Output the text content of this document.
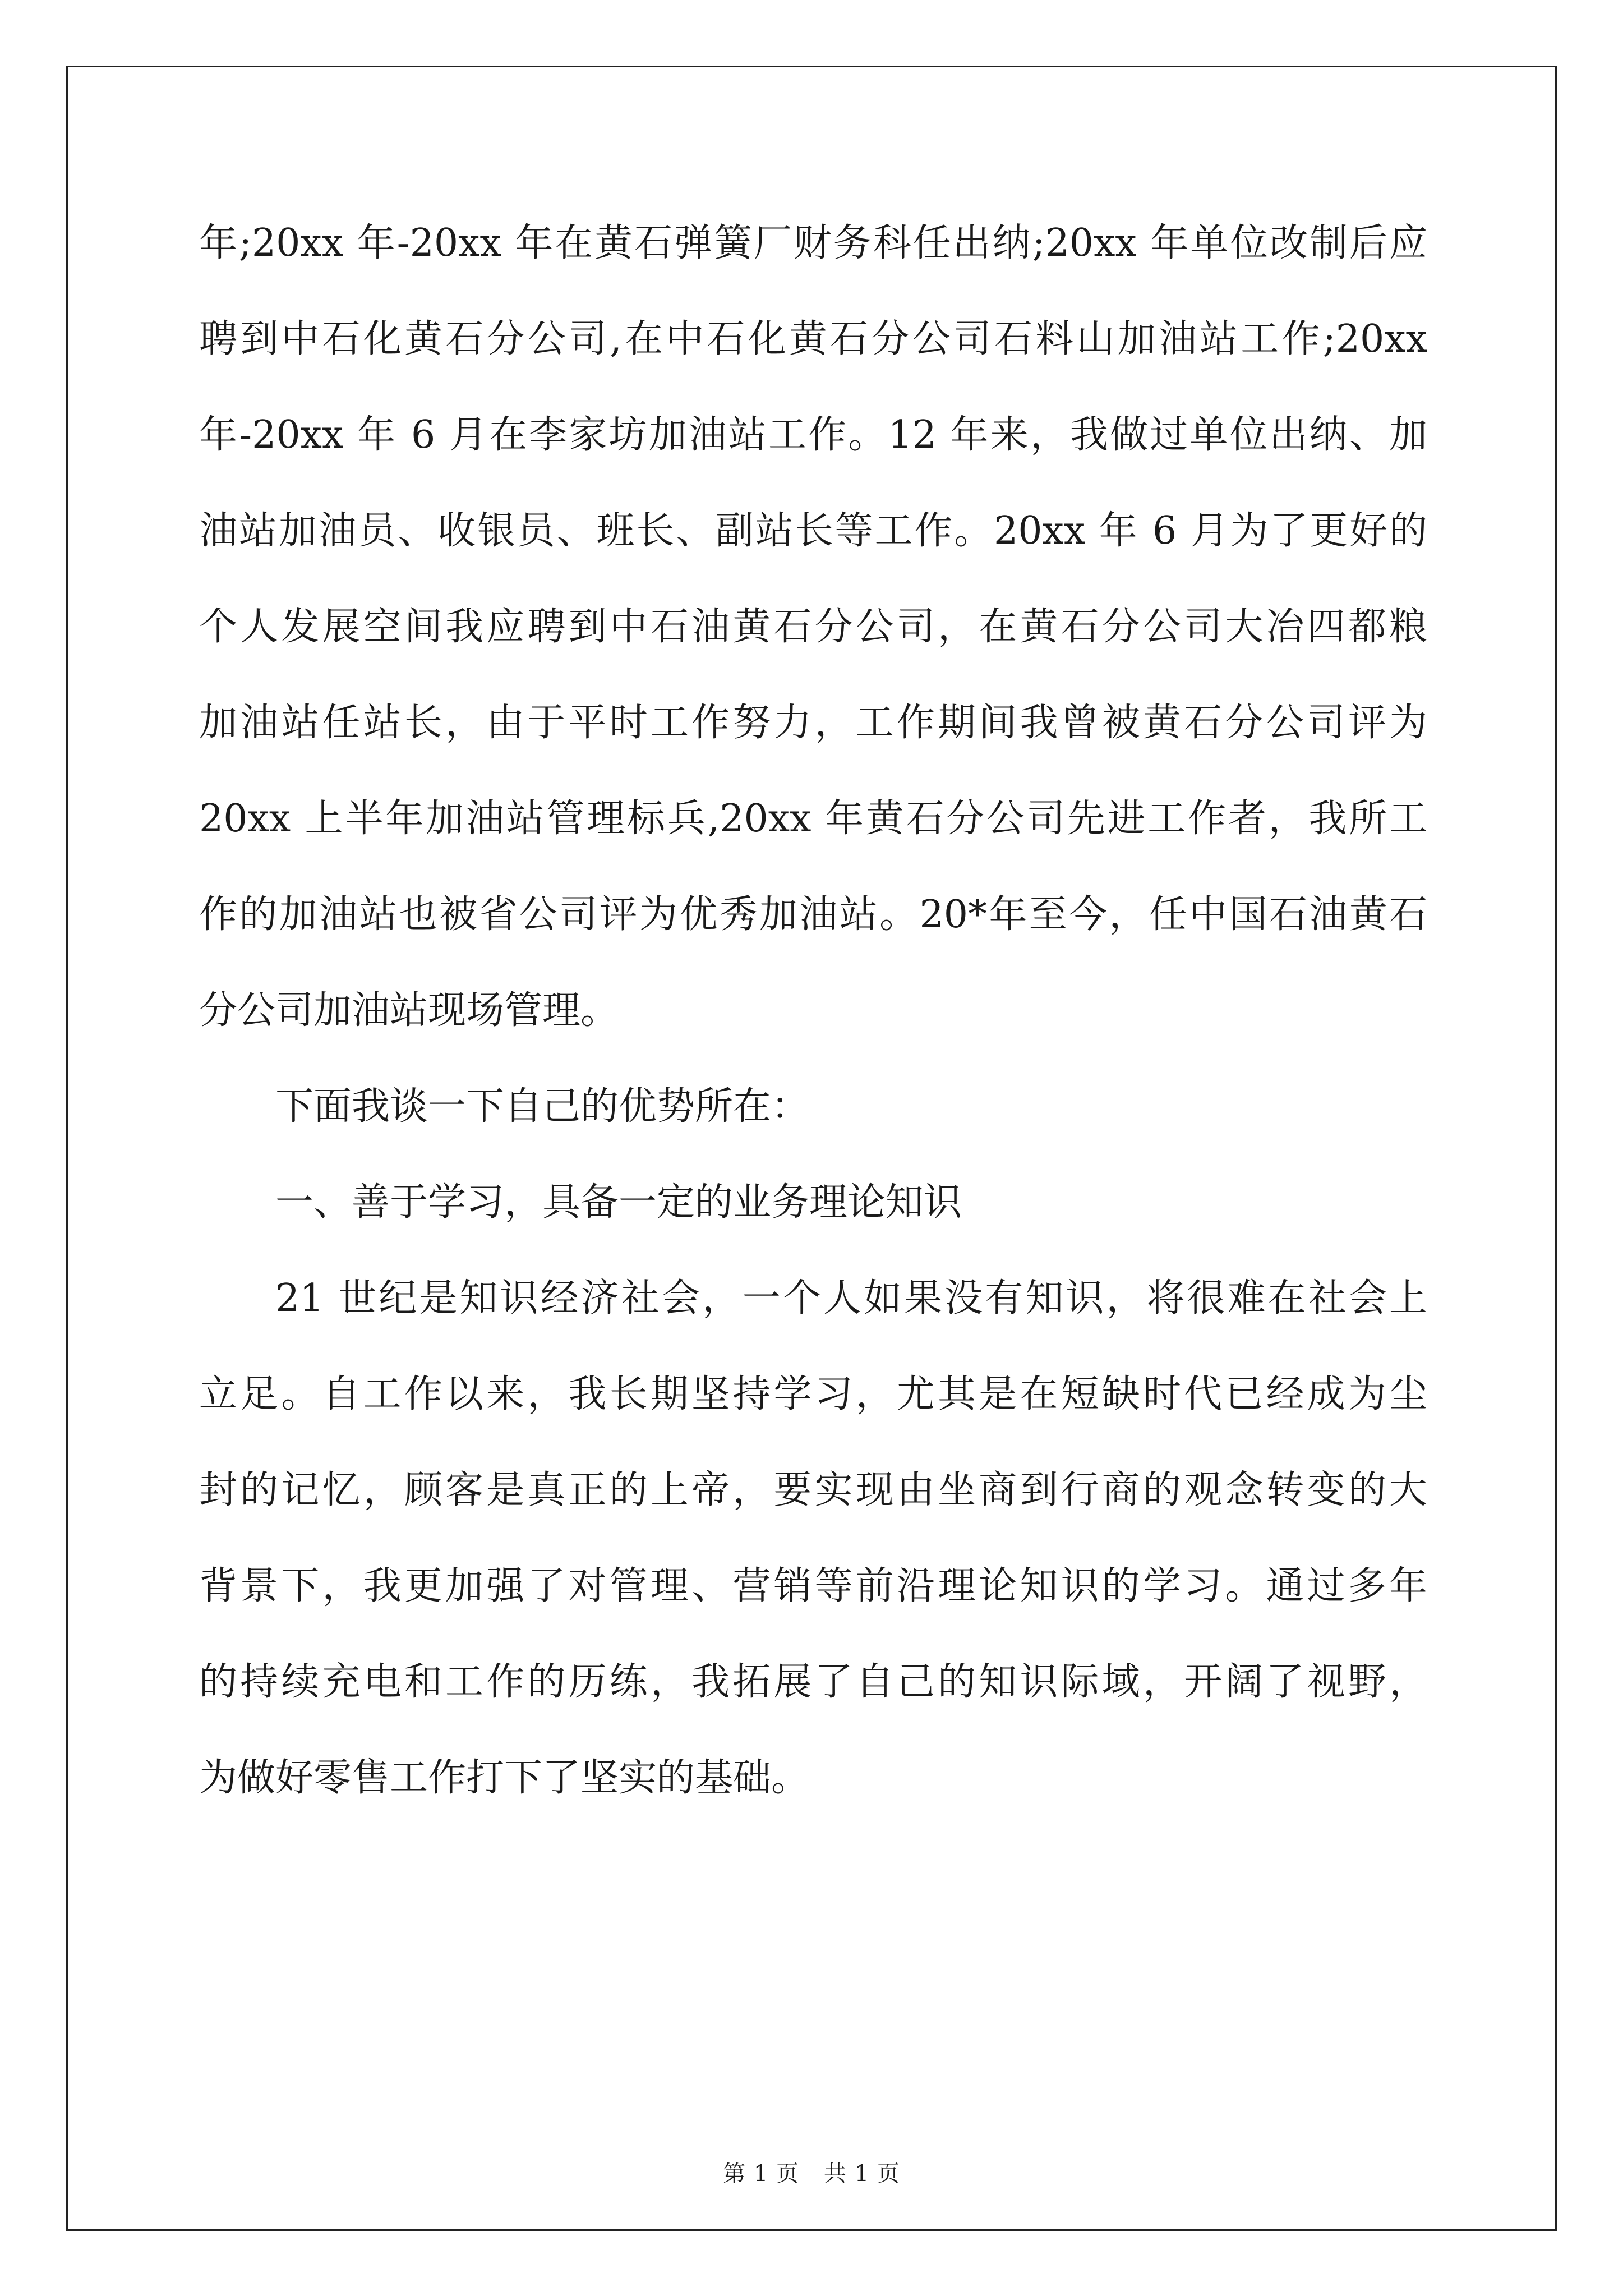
年;20xx 年-20xx 年在黄石弹簧厂财务科任出纳;20xx 年单位改制后应
聘到中石化黄石分公司,在中石化黄石分公司石料山加油站工作;20xx
年-20xx 年 6 月在李家坊加油站工作。12 年来，我做过单位出纳、加
油站加油员、收银员、班长、副站长等工作。20xx 年 6 月为了更好的
个人发展空间我应聘到中石油黄石分公司，在黄石分公司大冶四都粮
加油站任站长，由于平时工作努力，工作期间我曾被黄石分公司评为
20xx 上半年加油站管理标兵,20xx 年黄石分公司先进工作者，我所工
作的加油站也被省公司评为优秀加油站。20*年至今，任中国石油黄石
分公司加油站现场管理。
下面我谈一下自己的优势所在：
一、善于学习，具备一定的业务理论知识
21 世纪是知识经济社会，一个人如果没有知识，将很难在社会上
立足。自工作以来，我长期坚持学习，尤其是在短缺时代已经成为尘
封的记忆，顾客是真正的上帝，要实现由坐商到行商的观念转变的大
背景下，我更加强了对管理、营销等前沿理论知识的学习。通过多年
的持续充电和工作的历练，我拓展了自己的知识际域，开阔了视野，
为做好零售工作打下了坚实的基础。
第 1 页 共 1 页
